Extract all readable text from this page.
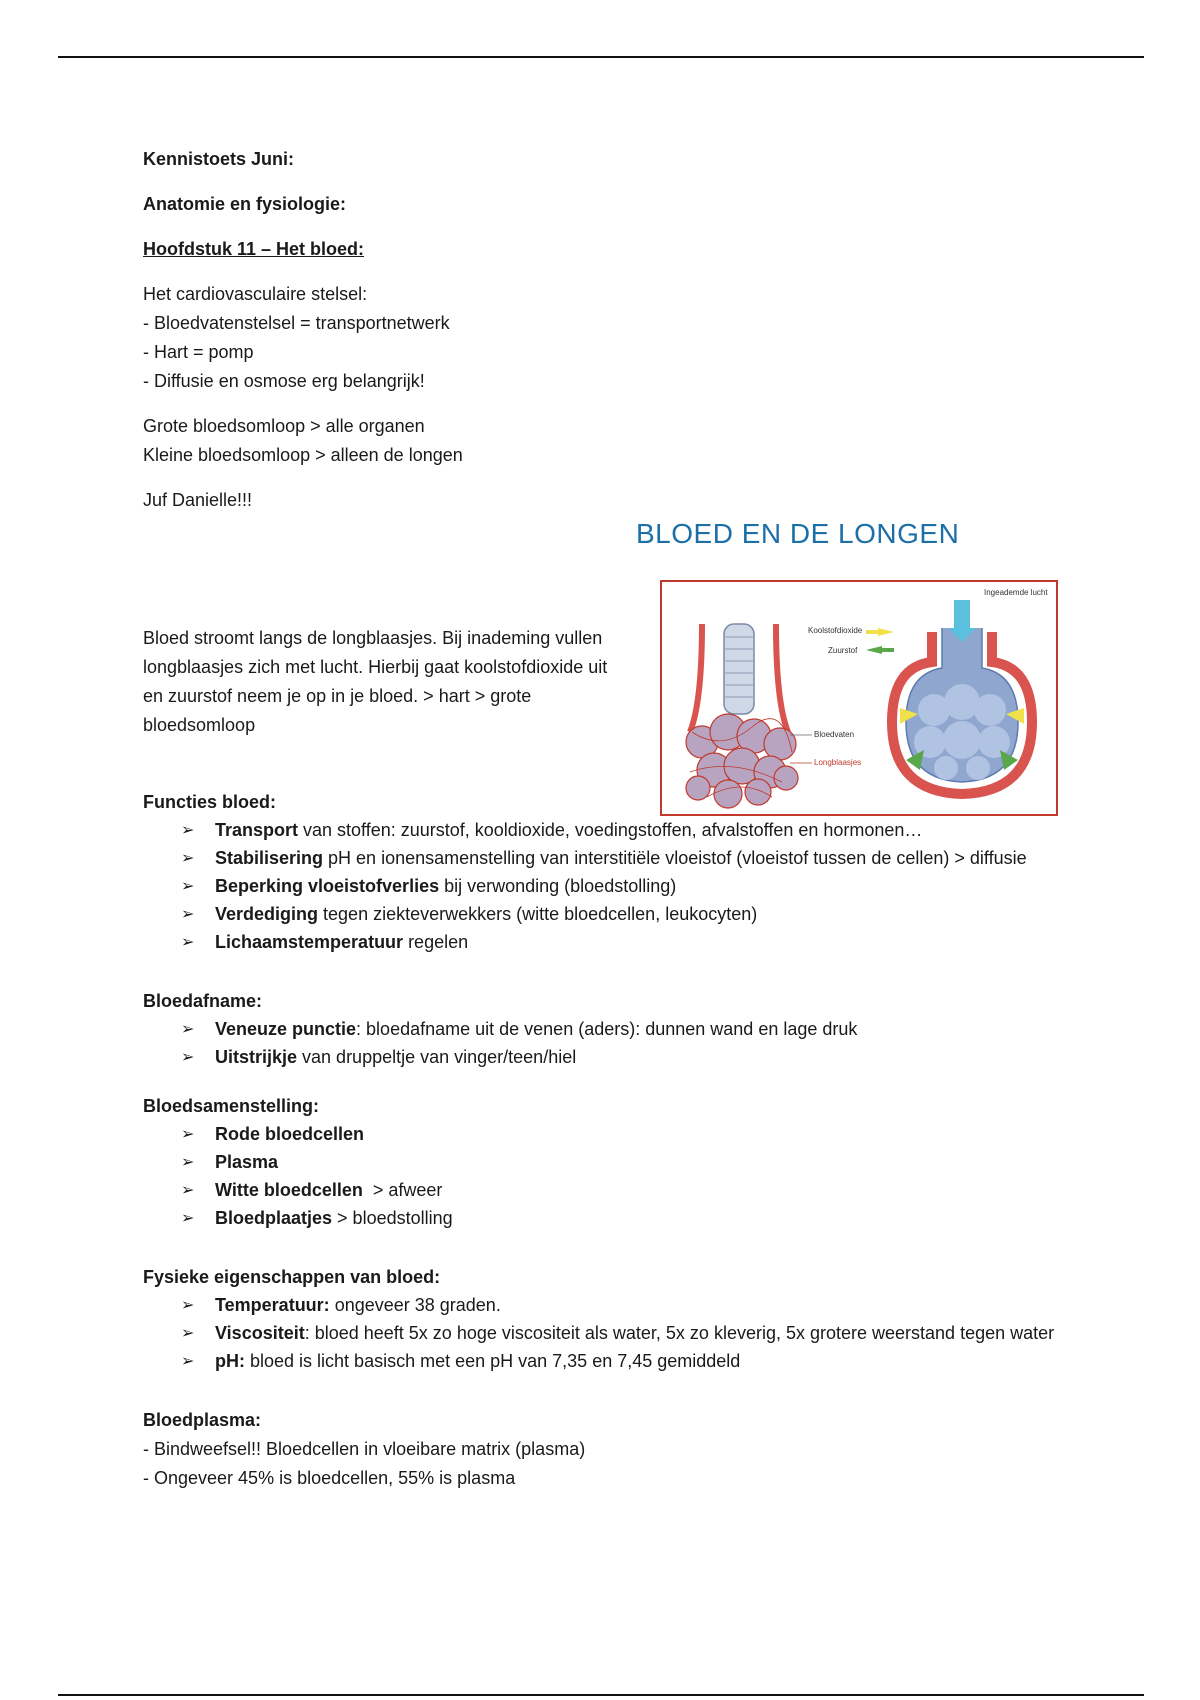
Kennistoets Juni:

Anatomie en fysiologie:

Hoofdstuk 11 – Het bloed:

Het cardiovasculaire stelsel:

- Bloedvatenstelsel = transportnetwerk

- Hart = pomp

- Diffusie en osmose erg belangrijk!

Grote bloedsomloop > alle organen

Kleine bloedsomloop > alleen de longen

Juf Danielle!!!

Functies bloed:

➢ Transport van stoffen: zuurstof, kooldioxide, voedingstoffen, afvalstoffen en hormonen…
➢ Stabilisering pH en ionensamenstelling van interstitiële vloeistof (vloeistof tussen de cellen) > diffusie
➢ Beperking vloeistofverlies bij verwonding (bloedstolling)
➢ Verdediging tegen ziekteverwekkers (witte bloedcellen, leukocyten)
➢ Lichaamstemperatuur regelen

Bloedafname:

➢ Veneuze punctie: bloedafname uit de venen (aders): dunnen wand en lage druk
➢ Uitstrijkje van druppeltje van vinger/teen/hiel

Bloedsamenstelling:

➢ Rode bloedcellen
➢ Plasma
➢ Witte bloedcellen  > afweer
➢ Bloedplaatjes > bloedstolling

Fysieke eigenschappen van bloed:

➢ Temperatuur: ongeveer 38 graden.
➢ Viscositeit: bloed heeft 5x zo hoge viscositeit als water, 5x zo kleverig, 5x grotere weerstand tegen water
➢ pH: bloed is licht basisch met een pH van 7,35 en 7,45 gemiddeld

Bloedplasma:

- Bindweefsel!! Bloedcellen in vloeibare matrix (plasma)

- Ongeveer 45% is bloedcellen, 55% is plasma

Bloed stroomt langs de longblaasjes. Bij inademing vullen longblaasjes zich met lucht. Hierbij gaat koolstofdioxide uit en zuurstof neem je op in je bloed. > hart > grote bloedsomloop

BLOED EN DE LONGEN
Ingeademde lucht
Koolstofdioxide
Zuurstof
Bloedvaten
Longblaasjes
